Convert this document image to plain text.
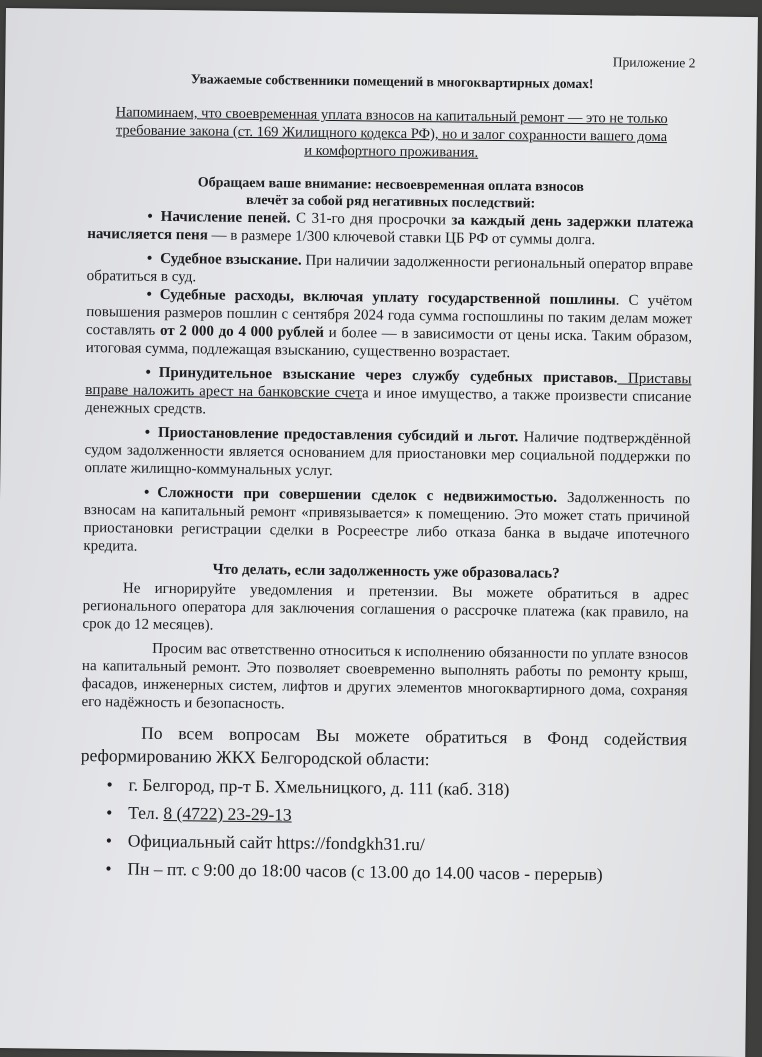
Приложение 2

Уважаемые собственники помещений в многоквартирных домах!

Напоминаем, что своевременная уплата взносов на капитальный ремонт — это не только требование закона (ст. 169 Жилищного кодекса РФ), но и залог сохранности вашего дома и комфортного проживания.

Обращаем ваше внимание: несвоевременная оплата взносов

влечёт за собой ряд негативных последствий:

• Начисление пеней. С 31-го дня просрочки за каждый день задержки платежа начисляется пеня — в размере 1/300 ключевой ставки ЦБ РФ от суммы долга.

• Судебное взыскание. При наличии задолженности региональный оператор вправе обратиться в суд.

• Судебные расходы, включая уплату государственной пошлины. С учётом повышения размеров пошлин с сентября 2024 года сумма госпошлины по таким делам может составлять от 2 000 до 4 000 рублей и более — в зависимости от цены иска. Таким образом, итоговая сумма, подлежащая взысканию, существенно возрастает.

• Принудительное взыскание через службу судебных приставов. Приставы вправе наложить арест на банковские счета и иное имущество, а также произвести списание денежных средств.

• Приостановление предоставления субсидий и льгот. Наличие подтверждённой судом задолженности является основанием для приостановки мер социальной поддержки по оплате жилищно-коммунальных услуг.

• Сложности при совершении сделок с недвижимостью. Задолженность по взносам на капитальный ремонт «привязывается» к помещению. Это может стать причиной приостановки регистрации сделки в Росреестре либо отказа банка в выдаче ипотечного кредита.

Что делать, если задолженность уже образовалась?

Не игнорируйте уведомления и претензии. Вы можете обратиться в адрес регионального оператора для заключения соглашения о рассрочке платежа (как правило, на срок до 12 месяцев).

Просим вас ответственно относиться к исполнению обязанности по уплате взносов на капитальный ремонт. Это позволяет своевременно выполнять работы по ремонту крыш, фасадов, инженерных систем, лифтов и других элементов многоквартирного дома, сохраняя его надёжность и безопасность.

По всем вопросам Вы можете обратиться в Фонд содействия реформированию ЖКХ Белгородской области:

• г. Белгород, пр-т Б. Хмельницкого, д. 111 (каб. 318)
• Тел. 8 (4722) 23-29-13
• Официальный сайт https://fondgkh31.ru/
• Пн – пт. с 9:00 до 18:00 часов (с 13.00 до 14.00 часов - перерыв)
